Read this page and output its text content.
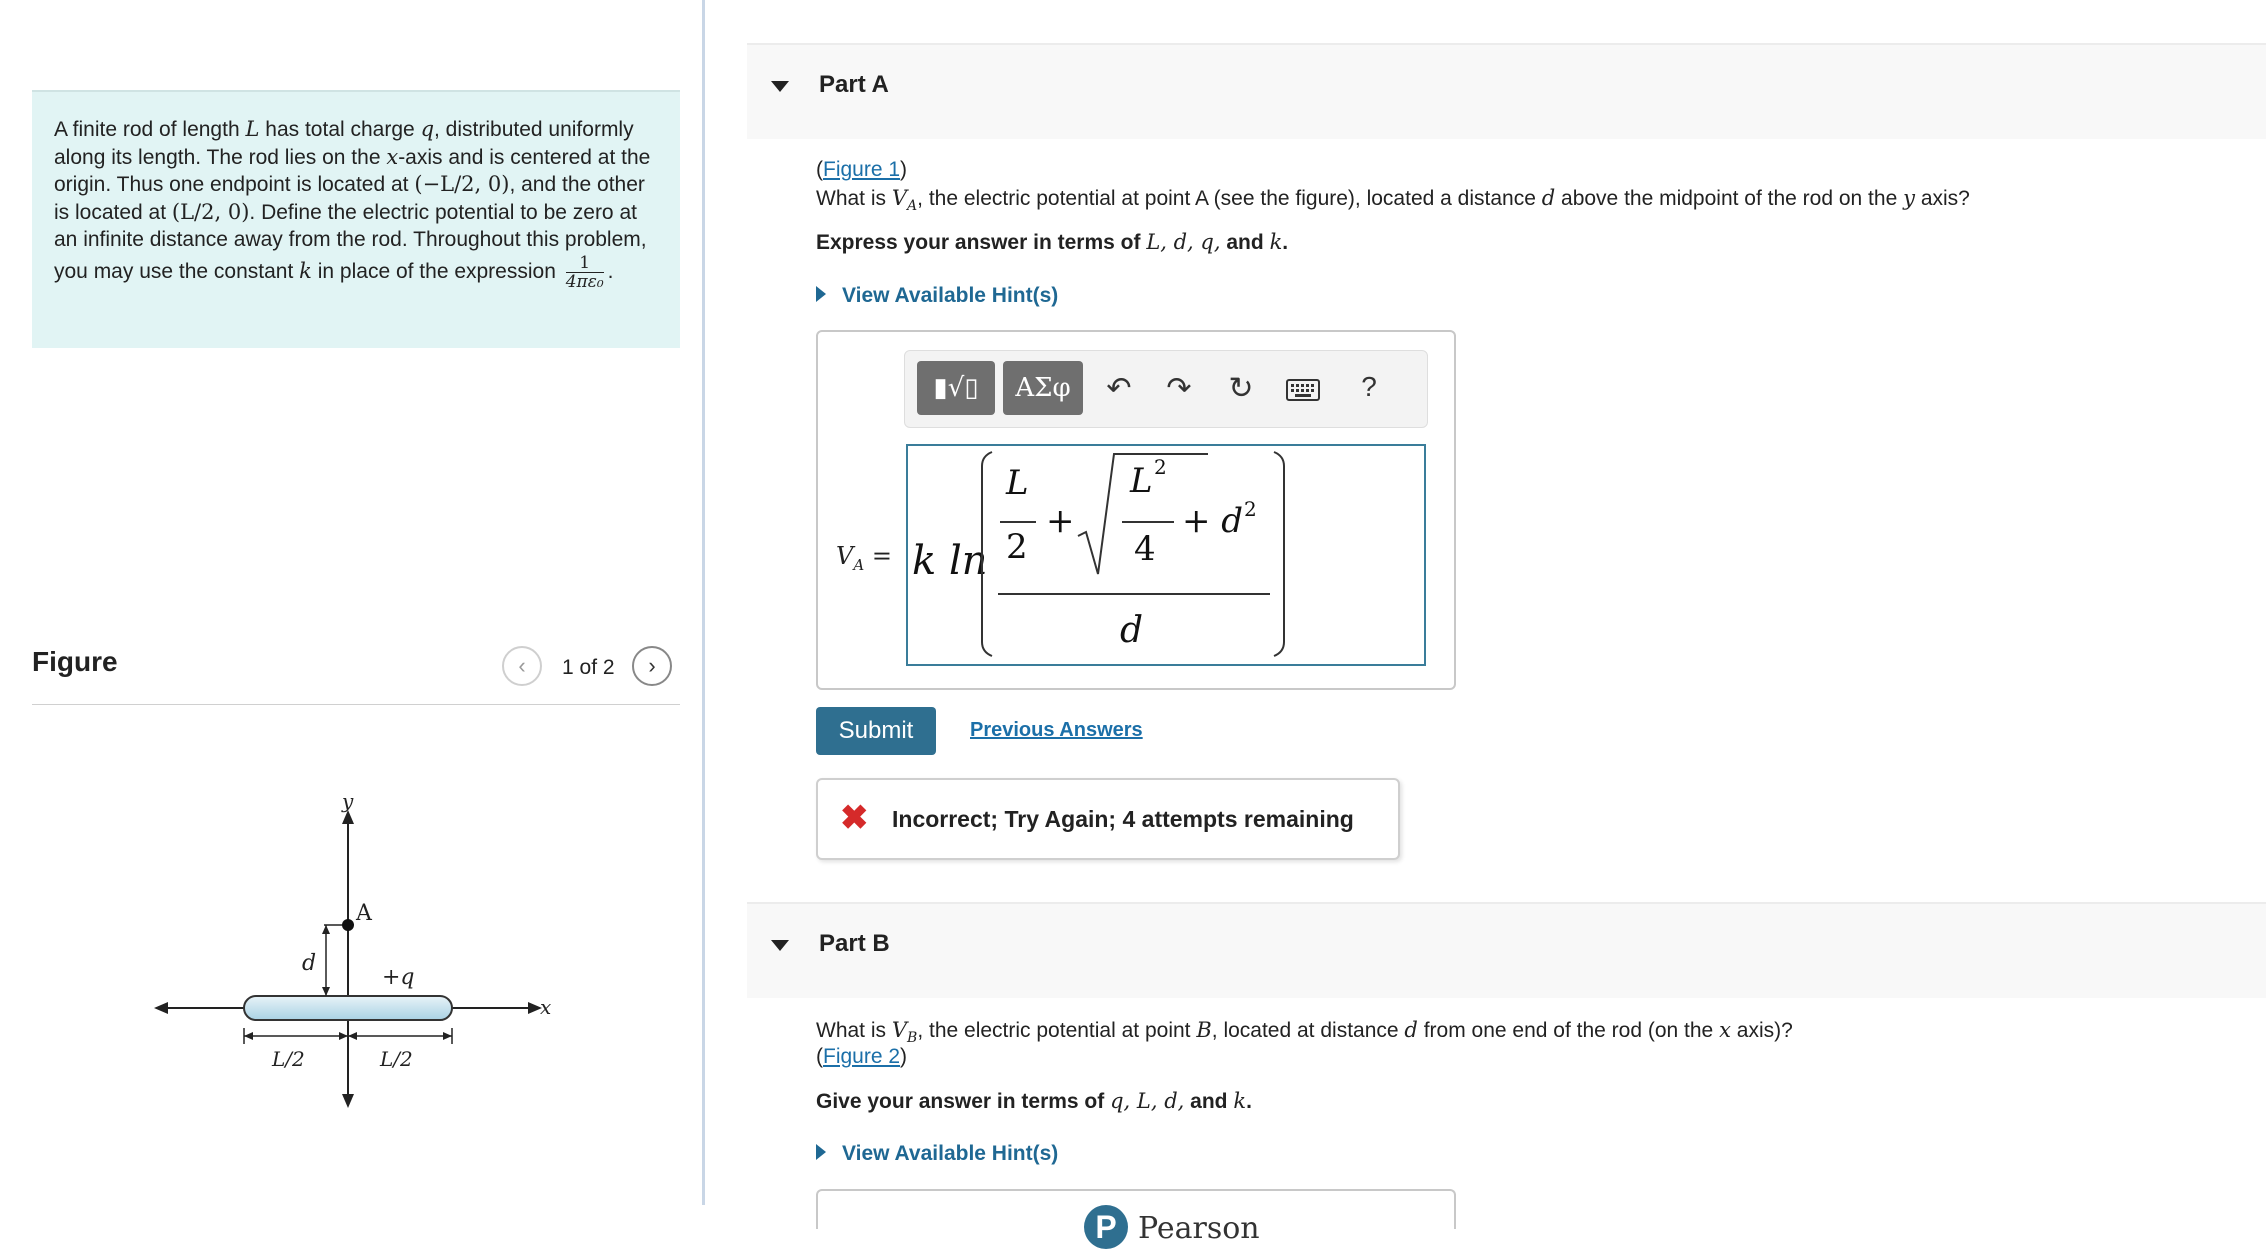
A finite rod of length L has total charge q, distributed uniformly along its length. The rod lies on the x-axis and is centered at the origin. Thus one endpoint is located at (−L/2, 0), and the other is located at (L/2, 0). Define the electric potential to be zero at an infinite distance away from the rod. Throughout this problem, you may use the constant k in place of the expression $\frac{1}{\text{4πε₀}}$ .

Figure	‹ 1 of 2 ›
y
x
A
d
+q
L/2	L/2
Part A
(Figure 1)
What is $V_A$, the electric potential at point A (see the figure), located a distance d above the midpoint of the rod on the y axis?
Express your answer in terms of L, d, q, and k.
View Available Hint(s)
▮√▯ ΑΣφ ↶ ↷ ↻	?
$V_A = k$ ln
L
2
+
L 2
4
+ d 2
d
Submit	Previous Answers
✖ Incorrect; Try Again; 4 attempts remaining
Part B
What is $V_B$, the electric potential at point B, located at distance d from one end of the rod (on the x axis)?
(Figure 2)
Give your answer in terms of q, L, d, and k.
View Available Hint(s)
P Pearson
